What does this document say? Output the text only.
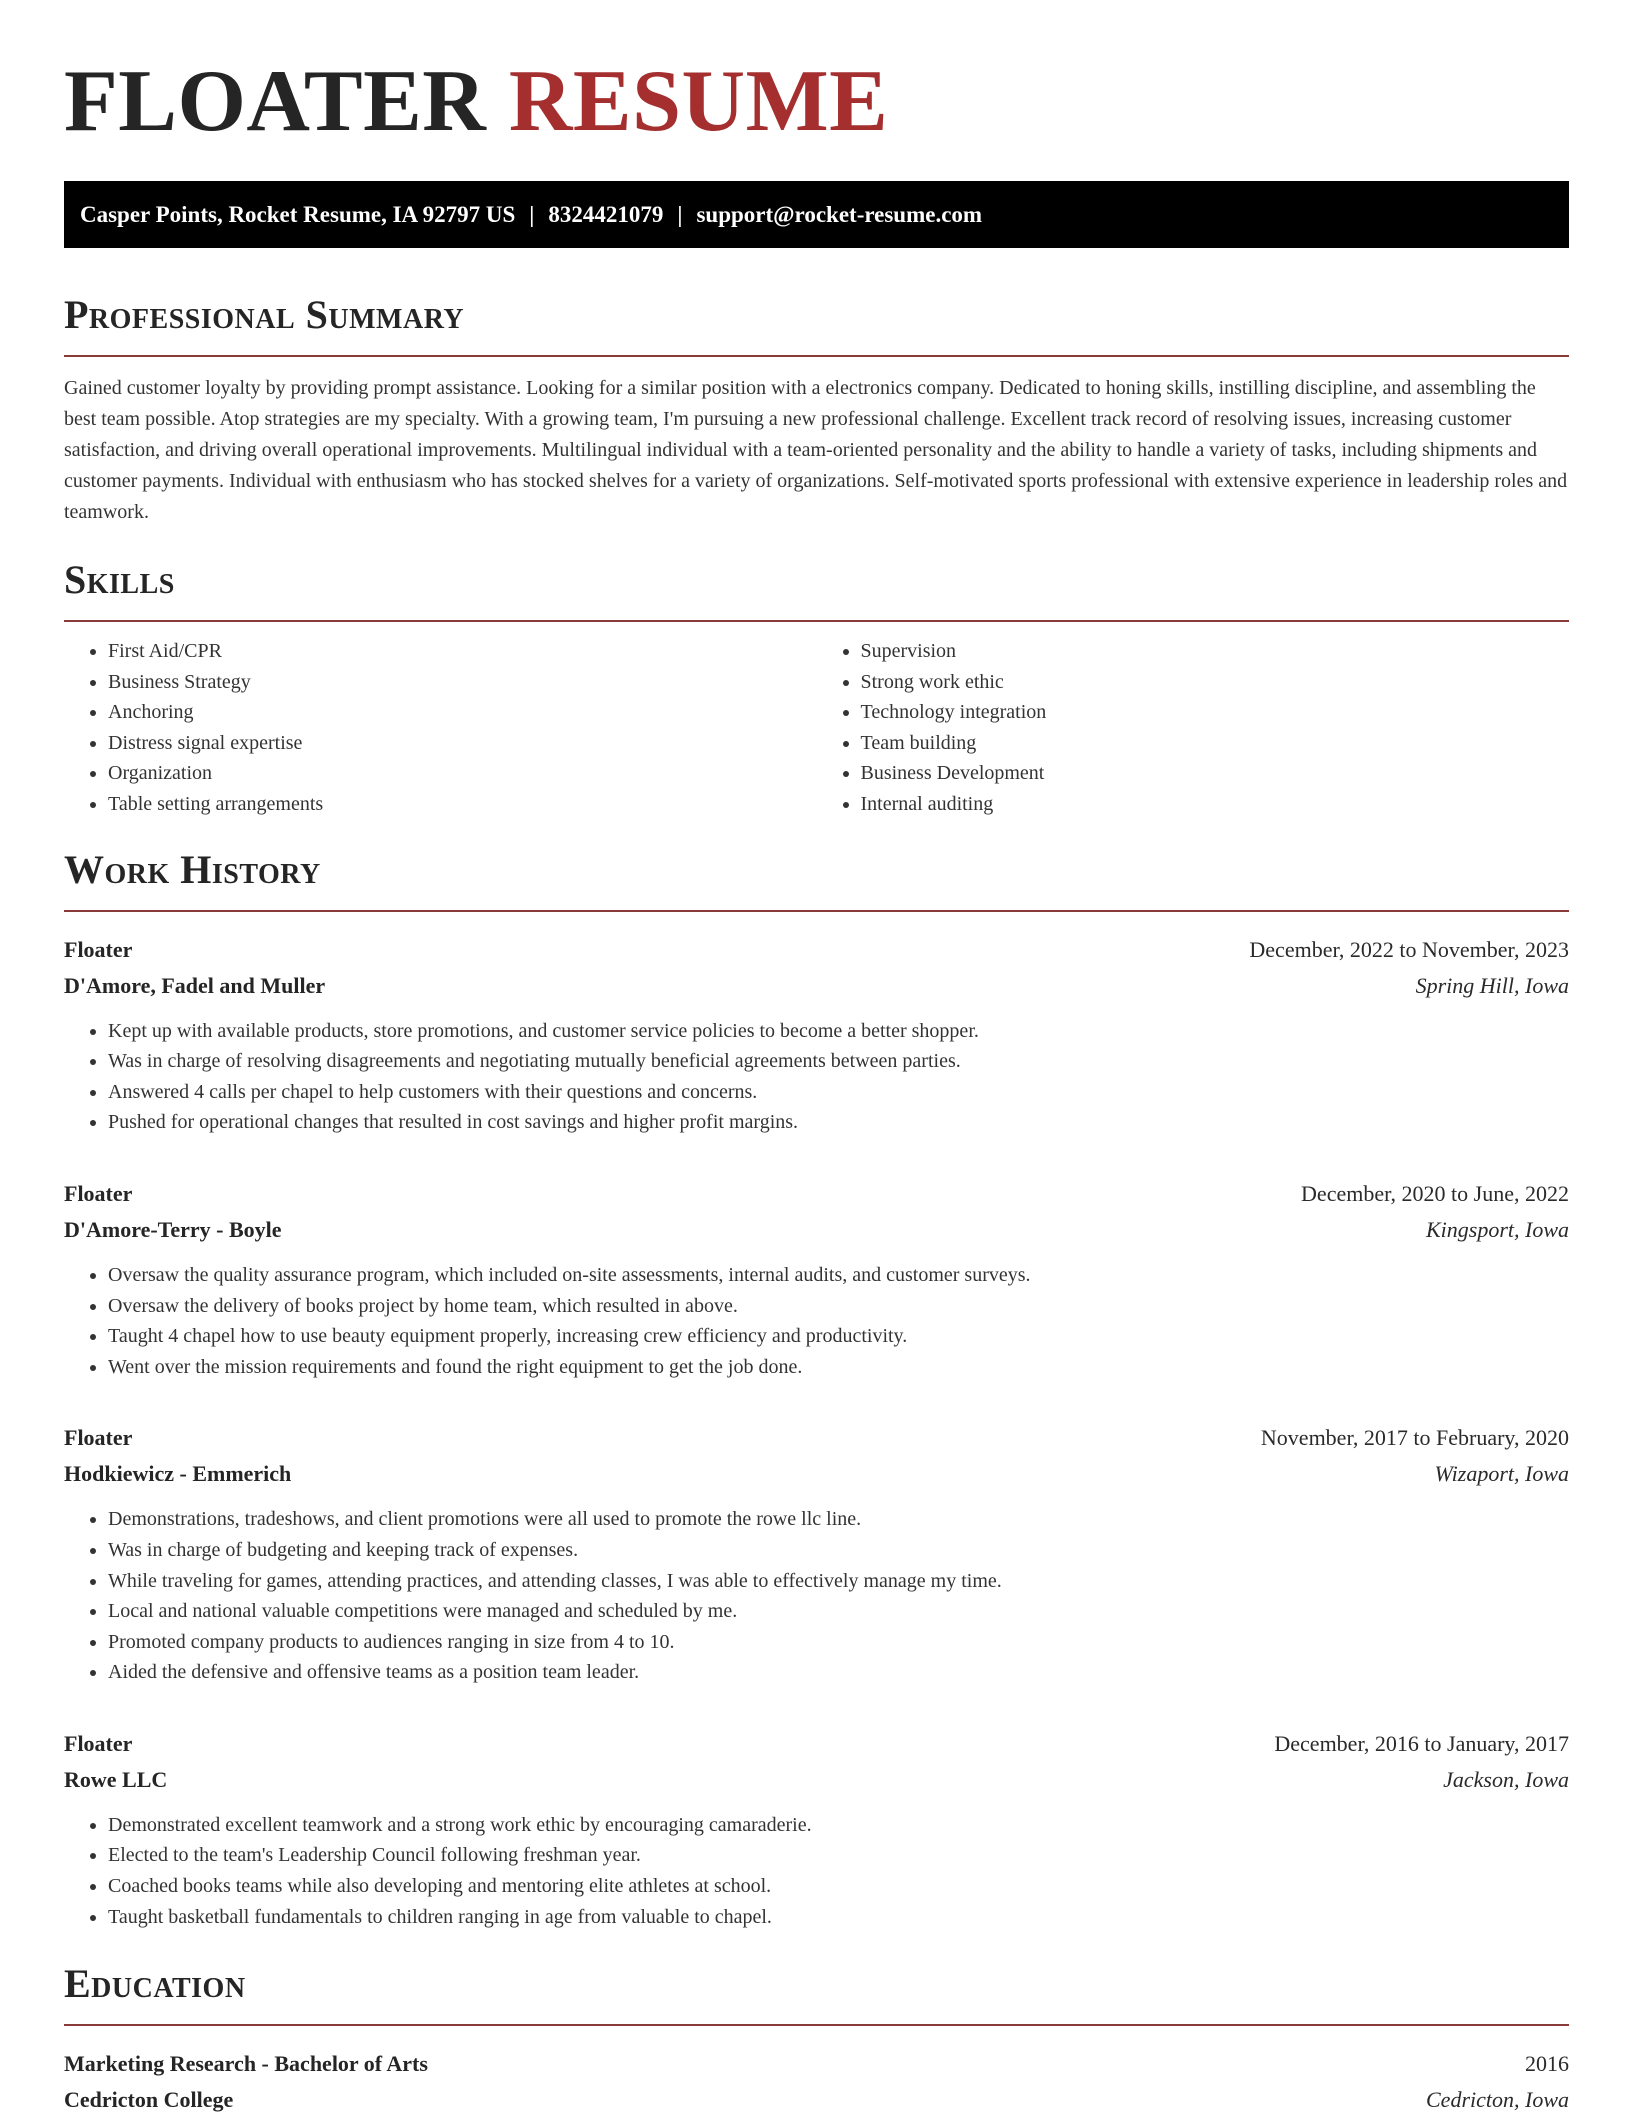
FLOATER RESUME
Casper Points, Rocket Resume, IA 92797 US | 8324421079 | support@rocket-resume.com
Professional Summary

Gained customer loyalty by providing prompt assistance. Looking for a similar position with a electronics company. Dedicated to honing skills, instilling discipline, and assembling the best team possible. Atop strategies are my specialty. With a growing team, I'm pursuing a new professional challenge. Excellent track record of resolving issues, increasing customer satisfaction, and driving overall operational improvements. Multilingual individual with a team-oriented personality and the ability to handle a variety of tasks, including shipments and customer payments. Individual with enthusiasm who has stocked shelves for a variety of organizations. Self-motivated sports professional with extensive experience in leadership roles and teamwork.

Skills
• First Aid/CPR
• Business Strategy
• Anchoring
• Distress signal expertise
• Organization
• Table setting arrangements
• Supervision
• Strong work ethic
• Technology integration
• Team building
• Business Development
• Internal auditing
Work History
Floater	December, 2022 to November, 2023
D'Amore, Fadel and Muller	Spring Hill, Iowa
• Kept up with available products, store promotions, and customer service policies to become a better shopper.
• Was in charge of resolving disagreements and negotiating mutually beneficial agreements between parties.
• Answered 4 calls per chapel to help customers with their questions and concerns.
• Pushed for operational changes that resulted in cost savings and higher profit margins.
Floater	December, 2020 to June, 2022
D'Amore-Terry - Boyle	Kingsport, Iowa
• Oversaw the quality assurance program, which included on-site assessments, internal audits, and customer surveys.
• Oversaw the delivery of books project by home team, which resulted in above.
• Taught 4 chapel how to use beauty equipment properly, increasing crew efficiency and productivity.
• Went over the mission requirements and found the right equipment to get the job done.
Floater	November, 2017 to February, 2020
Hodkiewicz - Emmerich	Wizaport, Iowa
• Demonstrations, tradeshows, and client promotions were all used to promote the rowe llc line.
• Was in charge of budgeting and keeping track of expenses.
• While traveling for games, attending practices, and attending classes, I was able to effectively manage my time.
• Local and national valuable competitions were managed and scheduled by me.
• Promoted company products to audiences ranging in size from 4 to 10.
• Aided the defensive and offensive teams as a position team leader.
Floater	December, 2016 to January, 2017
Rowe LLC	Jackson, Iowa
• Demonstrated excellent teamwork and a strong work ethic by encouraging camaraderie.
• Elected to the team's Leadership Council following freshman year.
• Coached books teams while also developing and mentoring elite athletes at school.
• Taught basketball fundamentals to children ranging in age from valuable to chapel.
Education
Marketing Research - Bachelor of Arts	2016
Cedricton College	Cedricton, Iowa
